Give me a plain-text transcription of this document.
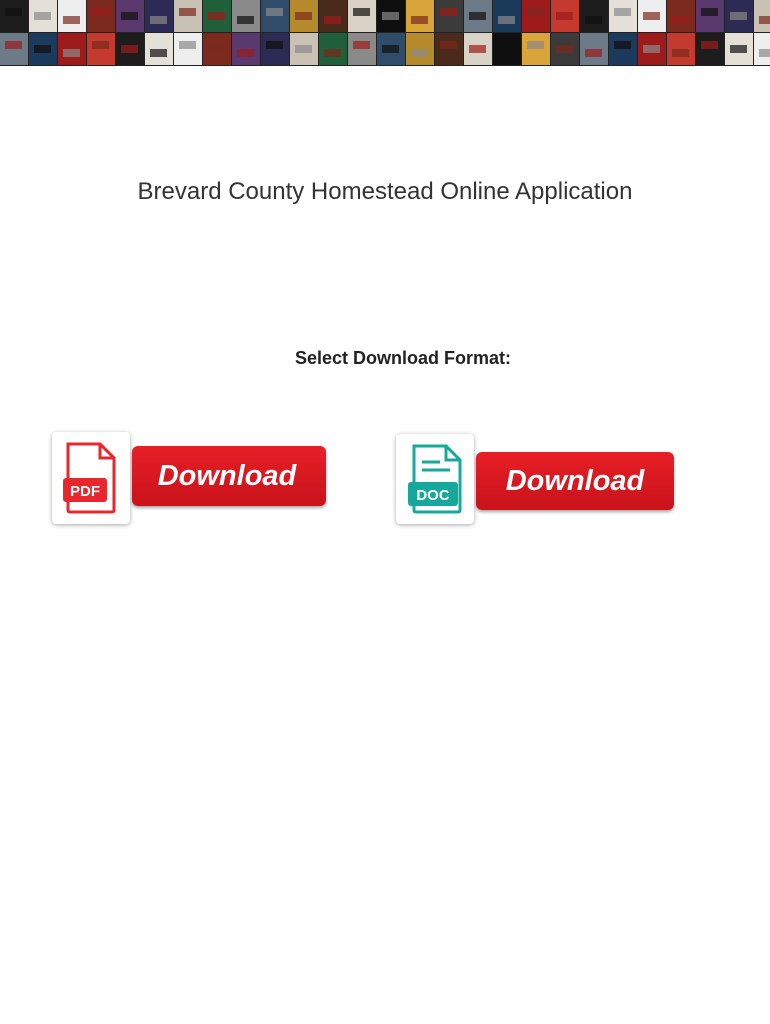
Brevard County Homestead Online Application
Select Download Format:
PDF	Download
DOC	Download
